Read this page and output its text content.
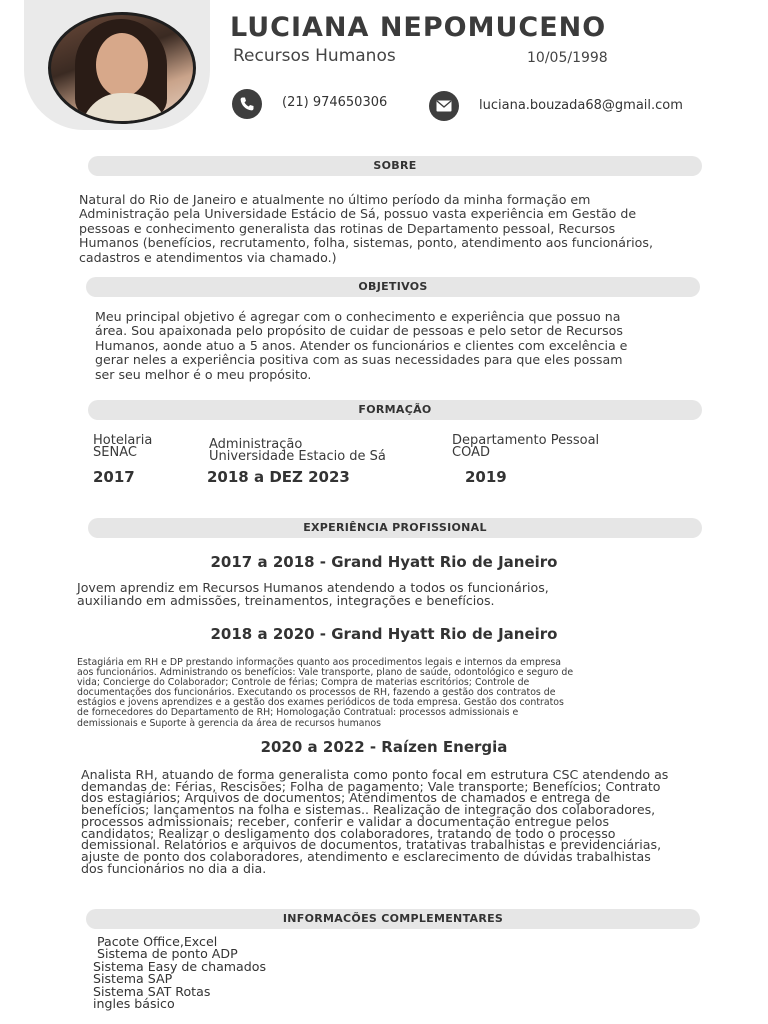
LUCIANA NEPOMUCENO
Recursos Humanos	10/05/1998
(21) 974650306	luciana.bouzada68@gmail.com
SOBRE
Natural do Rio de Janeiro e atualmente no último período da minha formação em
Administração pela Universidade Estácio de Sá, possuo vasta experiência em Gestão de
pessoas e conhecimento generalista das rotinas de Departamento pessoal, Recursos
Humanos (benefícios, recrutamento, folha, sistemas, ponto, atendimento aos funcionários,
cadastros e atendimentos via chamado.)
OBJETIVOS
Meu principal objetivo é agregar com o conhecimento e experiência que possuo na
área. Sou apaixonada pelo propósito de cuidar de pessoas e pelo setor de Recursos
Humanos, aonde atuo a 5 anos. Atender os funcionários e clientes com excelência e
gerar neles a experiência positiva com as suas necessidades para que eles possam
ser seu melhor é o meu propósito.
FORMAÇÃO
Hotelaria
SENAC
2017
Administração
Universidade Estacio de Sá
2018 a DEZ 2023
Departamento Pessoal
COAD
2019
EXPERIÊNCIA PROFISSIONAL
2017 a 2018 - Grand Hyatt Rio de Janeiro
Jovem aprendiz em Recursos Humanos atendendo a todos os funcionários,
auxiliando em admissões, treinamentos, integrações e benefícios.
2018 a 2020 - Grand Hyatt Rio de Janeiro
Estagiária em RH e DP prestando informações quanto aos procedimentos legais e internos da empresa
aos funcionários. Administrando os benefícios: Vale transporte, plano de saúde, odontológico e seguro de
vida; Concierge do Colaborador; Controle de férias; Compra de materias escritórios; Controle de
documentações dos funcionários. Executando os processos de RH, fazendo a gestão dos contratos de
estágios e jovens aprendizes e a gestão dos exames periódicos de toda empresa. Gestão dos contratos
de fornecedores do Departamento de RH; Homologação Contratual: processos admissionais e
demissionais e Suporte à gerencia da área de recursos humanos
2020 a 2022 - Raízen Energia
Analista RH, atuando de forma generalista como ponto focal em estrutura CSC atendendo as
demandas de: Férias, Rescisões; Folha de pagamento; Vale transporte; Benefícios; Contrato
dos estagiários; Arquivos de documentos; Atendimentos de chamados e entrega de
benefícios; lançamentos na folha e sistemas.. Realização de integração dos colaboradores,
processos admissionais; receber, conferir e validar a documentação entregue pelos
candidatos; Realizar o desligamento dos colaboradores, tratando de todo o processo
demissional. Relatórios e arquivos de documentos, tratativas trabalhistas e previdenciárias,
ajuste de ponto dos colaboradores, atendimento e esclarecimento de dúvidas trabalhistas
dos funcionários no dia a dia.
INFORMACÕES COMPLEMENTARES
Pacote Office,Excel
Sistema de ponto ADP
Sistema Easy de chamados
Sistema SAP
Sistema SAT Rotas
ingles básico
